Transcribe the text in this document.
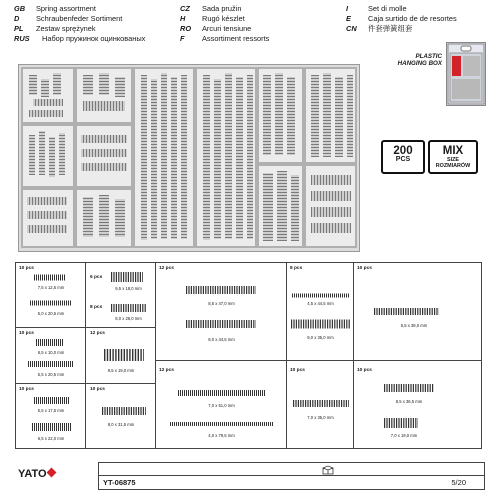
GB Spring assortment
D Schraubenfeder Sortiment
PL Zestaw sprężynek
RUS Набор пружинок оцинкованых
CZ Sada pružin
H Rugó készlet
RO Arcuri tensiune
F Assortiment ressorts
I	Set di molle
E Caja surtido de de resortes
CN 件套弹簧组套
PLASTIC
HANGING BOX
200
PCS
MIX
SIZE
ROZMIARÓW
10 pcs
7,5 x 12,5 mm
5,0 x 20,5 mm
6 pcs
9,5 x 18,0 mm
8 pcs
8,0 x 28,0 mm
12 pcs
8,5 x 47,0 mm
8,0 x 44,5 mm
8 pcs
4,5 x 44,5 mm
9,0 x 35,0 mm
10 pcs
5,5 x 38,0 mm
10 pcs
6,5 x 10,0 mm
5,5 x 20,5 mm
12 pcs
9,5 x 19,0 mm	12 pcs
7,0 x 51,0 mm
4,0 x 79,5 mm
10 pcs
7,0 x 35,0 mm
10 pcs
8,5 x 36,5 mm
7,0 x 19,0 mm
10 pcs
5,5 x 17,5 mm
6,5 x 22,0 mm
10 pcs
8,0 x 31,5 mm
YATO
YT-06875	5/20
